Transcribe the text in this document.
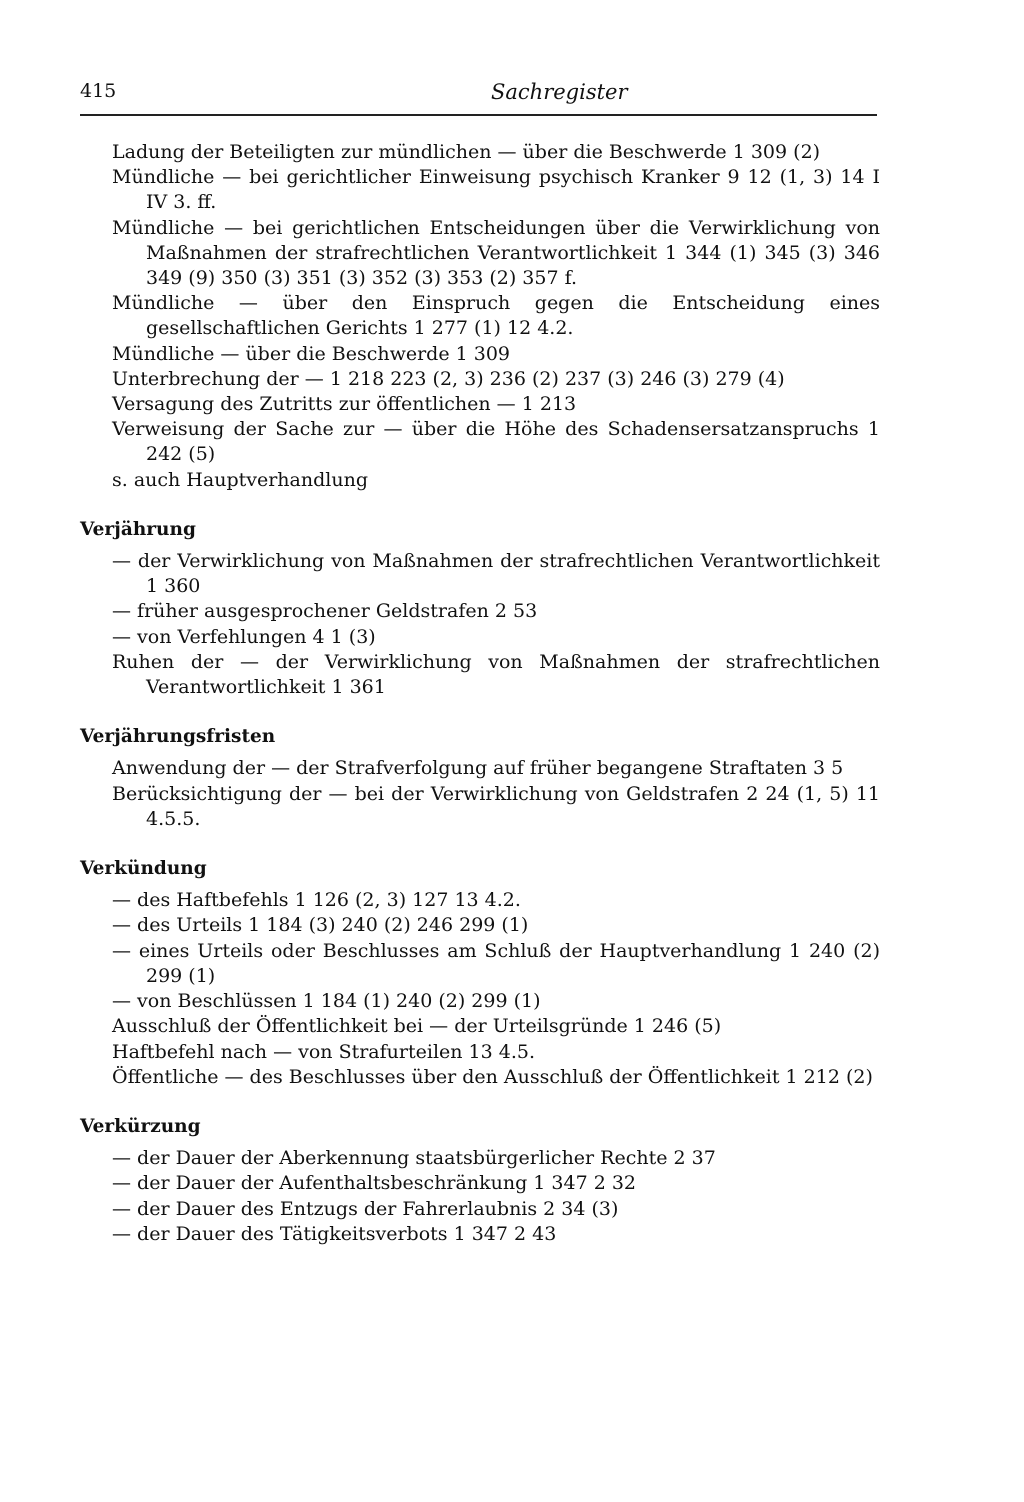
415	Sachregister
Ladung der Beteiligten zur mündlichen — über die Beschwerde 1 309 (2)
Mündliche — bei gerichtlicher Einweisung psychisch Kranker 9 12 (1, 3) 14 I IV 3. ff.
Mündliche — bei gerichtlichen Entscheidungen über die Verwirklichung von Maßnahmen der strafrechtlichen Verantwortlichkeit 1 344 (1) 345 (3) 346 349 (9) 350 (3) 351 (3) 352 (3) 353 (2) 357 f.
Mündliche — über den Einspruch gegen die Entscheidung eines gesellschaftlichen Gerichts 1 277 (1) 12 4.2.
Mündliche — über die Beschwerde 1 309
Unterbrechung der — 1 218 223 (2, 3) 236 (2) 237 (3) 246 (3) 279 (4)
Versagung des Zutritts zur öffentlichen — 1 213
Verweisung der Sache zur — über die Höhe des Schadensersatzanspruchs 1 242 (5)
s. auch Hauptverhandlung
Verjährung
— der Verwirklichung von Maßnahmen der strafrechtlichen Verantwortlichkeit 1 360
— früher ausgesprochener Geldstrafen 2 53
— von Verfehlungen 4 1 (3)
Ruhen der — der Verwirklichung von Maßnahmen der strafrechtlichen Verantwortlichkeit 1 361
Verjährungsfristen
Anwendung der — der Strafverfolgung auf früher begangene Straftaten 3 5
Berücksichtigung der — bei der Verwirklichung von Geldstrafen 2 24 (1, 5) 11 4.5.5.
Verkündung
— des Haftbefehls 1 126 (2, 3) 127 13 4.2.
— des Urteils 1 184 (3) 240 (2) 246 299 (1)
— eines Urteils oder Beschlusses am Schluß der Hauptverhandlung 1 240 (2) 299 (1)
— von Beschlüssen 1 184 (1) 240 (2) 299 (1)
Ausschluß der Öffentlichkeit bei — der Urteilsgründe 1 246 (5)
Haftbefehl nach — von Strafurteilen 13 4.5.
Öffentliche — des Beschlusses über den Ausschluß der Öffentlichkeit 1 212 (2)
Verkürzung
— der Dauer der Aberkennung staatsbürgerlicher Rechte 2 37
— der Dauer der Aufenthaltsbeschränkung 1 347 2 32
— der Dauer des Entzugs der Fahrerlaubnis 2 34 (3)
— der Dauer des Tätigkeitsverbots 1 347 2 43
